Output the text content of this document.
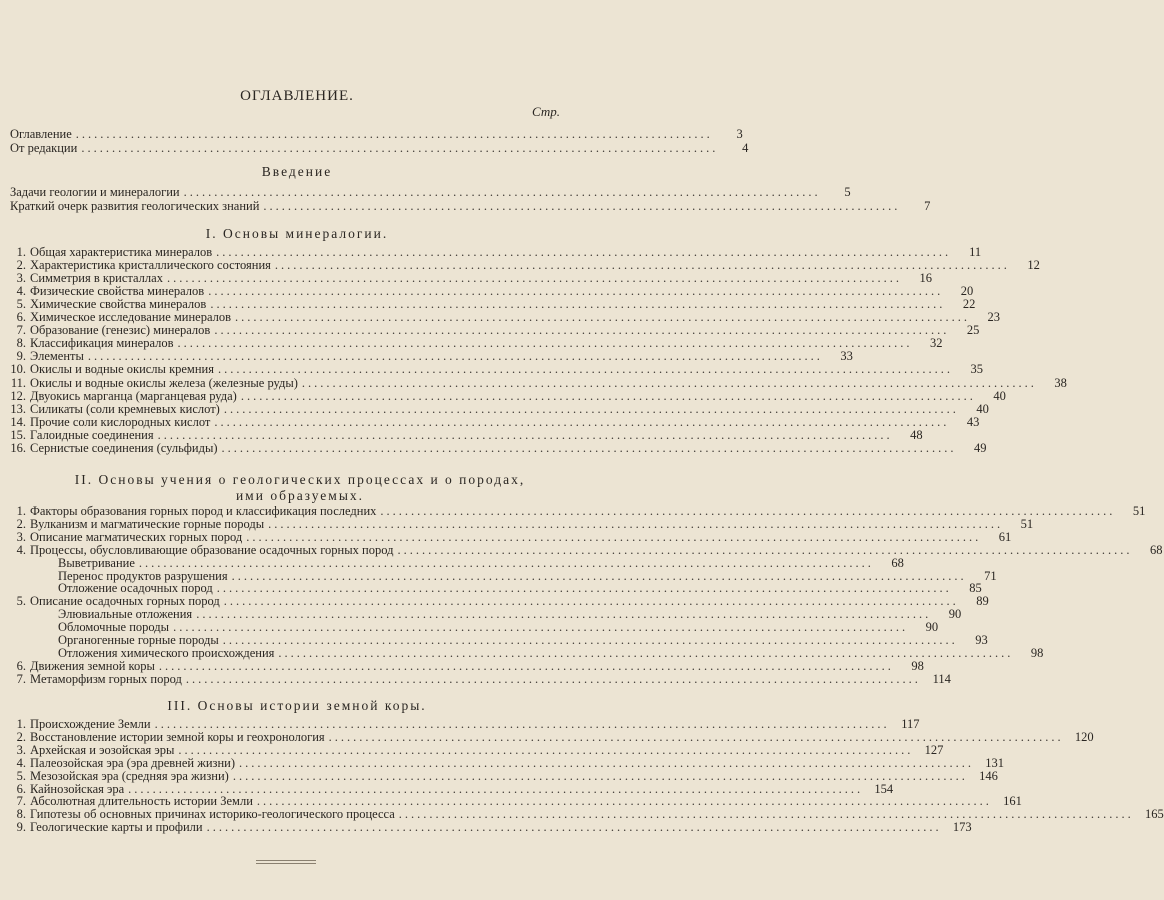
ОГЛАВЛЕНИЕ.
Стр.
Оглавление ........................................................................................................	3
От редакции ........................................................................................................	4
Введение
Задачи геологии и минералогии ........................................................................................................	5
Краткий очерк развития геологических знаний ........................................................................................................	7
I. Основы минералогии.
1. Общая характеристика минералов ........................................................................................................................	11
2. Характеристика кристаллического состояния ........................................................................................................................	12
3. Симметрия в кристаллах ........................................................................................................................	16
4. Физические свойства минералов ........................................................................................................................	20
5. Химические свойства минералов ........................................................................................................................	22
6. Химическое исследование минералов ........................................................................................................................	23
7. Образование (генезис) минералов ........................................................................................................................	25
8. Классификация минералов ........................................................................................................................	32
9. Элементы ........................................................................................................................	33
10. Окислы и водные окислы кремния ........................................................................................................................	35
11. Окислы и водные окислы железа (железные руды) ........................................................................................................................	38
12. Двуокись марганца (марганцевая руда) ........................................................................................................................	40
13. Силикаты (соли кремневых кислот) ........................................................................................................................	40
14. Прочие соли кислородных кислот ........................................................................................................................	43
15. Галоидные соединения ........................................................................................................................	48
16. Сернистые соединения (сульфиды) ........................................................................................................................	49
II. Основы учения о геологических процессах и о породах, ими образуемых.
1. Факторы образования горных пород и классификация последних ........................................................................................................................	51
2. Вулканизм и магматические горные породы ........................................................................................................................	51
3. Описание магматических горных пород ........................................................................................................................	61
4. Процессы, обусловливающие образование осадочных горных пород ........................................................................................................................	68
Выветривание ........................................................................................................................	68
Перенос продуктов разрушения ........................................................................................................................	71
Отложение осадочных пород ........................................................................................................................	85
5. Описание осадочных горных пород ........................................................................................................................	89
Элювиальные отложения ........................................................................................................................	90
Обломочные породы ........................................................................................................................	90
Органогенные горные породы ........................................................................................................................	93
Отложения химического происхождения ........................................................................................................................	98
6. Движения земной коры ........................................................................................................................	98
7. Метаморфизм горных пород ........................................................................................................................ 114
III. Основы истории земной коры.
1. Происхождение Земли ........................................................................................................................ 117
2. Восстановление истории земной коры и геохронология ........................................................................................................................ 120
3. Архейская и эозойская эры ........................................................................................................................ 127
4. Палеозойская эра (эра древней жизни) ........................................................................................................................ 131
5. Мезозойская эра (средняя эра жизни) ........................................................................................................................ 146
6. Кайнозойская эра ........................................................................................................................ 154
7. Абсолютная длительность истории Земли ........................................................................................................................ 161
8. Гипотезы об основных причинах историко-геологического процесса ........................................................................................................................ 165
9. Геологические карты и профили ........................................................................................................................ 173
